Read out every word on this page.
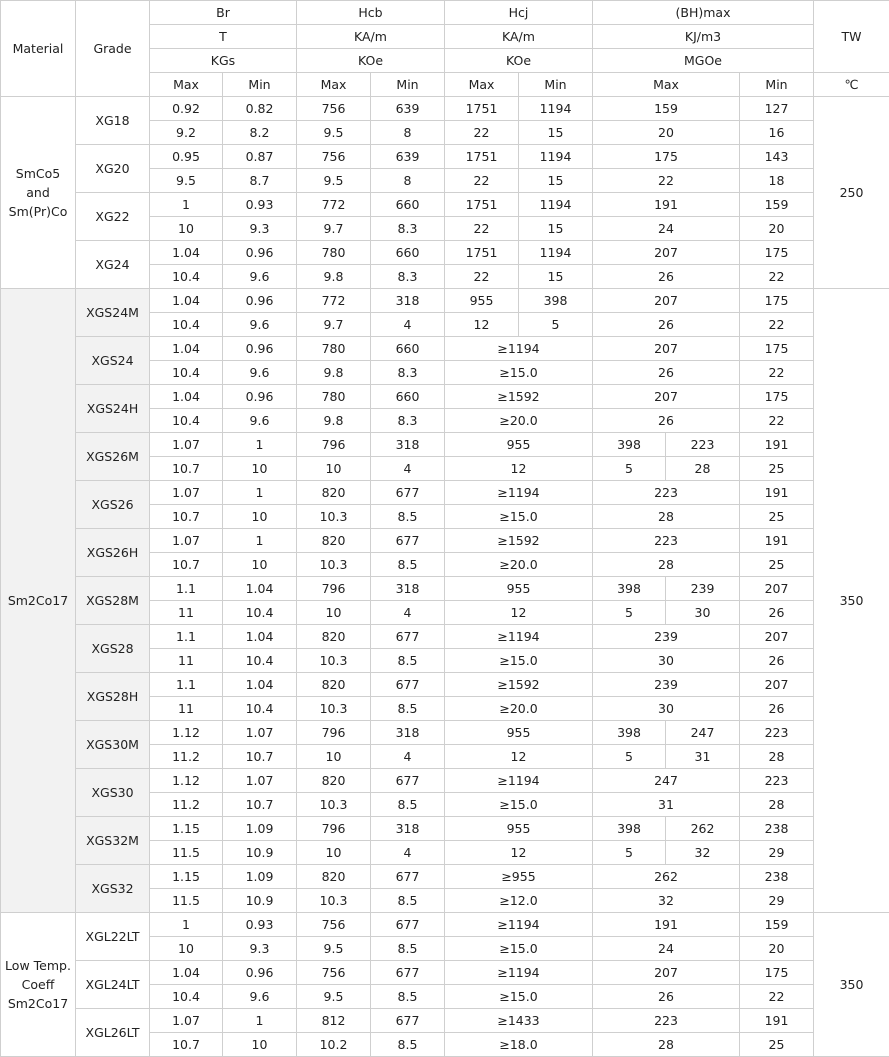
Material	Grade	Br		Hcb		Hcj		(BH)max			TW
		T		KA/m		KA/m		KJ/m3			
		KGs		KOe		KOe		MGOe			
		Max	Min	Max	Min	Max	Min	Max		Min	℃
SmCo5 and Sm(Pr)Co	XG18	0.92	0.82	756	639	1751	1194	159		127	250
		9.2	8.2	9.5	8	22	15	20		16	
	XG20	0.95	0.87	756	639	1751	1194	175		143	
		9.5	8.7	9.5	8	22	15	22		18	
	XG22	1	0.93	772	660	1751	1194	191		159	
		10	9.3	9.7	8.3	22	15	24		20	
	XG24	1.04	0.96	780	660	1751	1194	207		175	
		10.4	9.6	9.8	8.3	22	15	26		22	
Sm2Co17	XGS24M	1.04	0.96	772	318	955	398	207		175	350
		10.4	9.6	9.7	4	12	5	26		22	
	XGS24	1.04	0.96	780	660	≥1194		207		175	
		10.4	9.6	9.8	8.3	≥15.0		26		22	
	XGS24H	1.04	0.96	780	660	≥1592		207		175	
		10.4	9.6	9.8	8.3	≥20.0		26		22	
	XGS26M	1.07	1	796	318	955		398	223	191	
		10.7	10	10	4	12		5	28	25	
	XGS26	1.07	1	820	677	≥1194		223		191	
		10.7	10	10.3	8.5	≥15.0		28		25	
	XGS26H	1.07	1	820	677	≥1592		223		191	
		10.7	10	10.3	8.5	≥20.0		28		25	
	XGS28M	1.1	1.04	796	318	955		398	239	207	
		11	10.4	10	4	12		5	30	26	
	XGS28	1.1	1.04	820	677	≥1194		239		207	
		11	10.4	10.3	8.5	≥15.0		30		26	
	XGS28H	1.1	1.04	820	677	≥1592		239		207	
		11	10.4	10.3	8.5	≥20.0		30		26	
	XGS30M	1.12	1.07	796	318	955		398	247	223	
		11.2	10.7	10	4	12		5	31	28	
	XGS30	1.12	1.07	820	677	≥1194		247		223	
		11.2	10.7	10.3	8.5	≥15.0		31		28	
	XGS32M	1.15	1.09	796	318	955		398	262	238	
		11.5	10.9	10	4	12		5	32	29	
	XGS32	1.15	1.09	820	677	≥955		262		238	
		11.5	10.9	10.3	8.5	≥12.0		32		29	
Low Temp. Coeff Sm2Co17	XGL22LT	1	0.93	756	677	≥1194		191		159	350
		10	9.3	9.5	8.5	≥15.0		24		20	
	XGL24LT	1.04	0.96	756	677	≥1194		207		175	
		10.4	9.6	9.5	8.5	≥15.0		26		22	
	XGL26LT	1.07	1	812	677	≥1433		223		191	
		10.7	10	10.2	8.5	≥18.0		28		25	
